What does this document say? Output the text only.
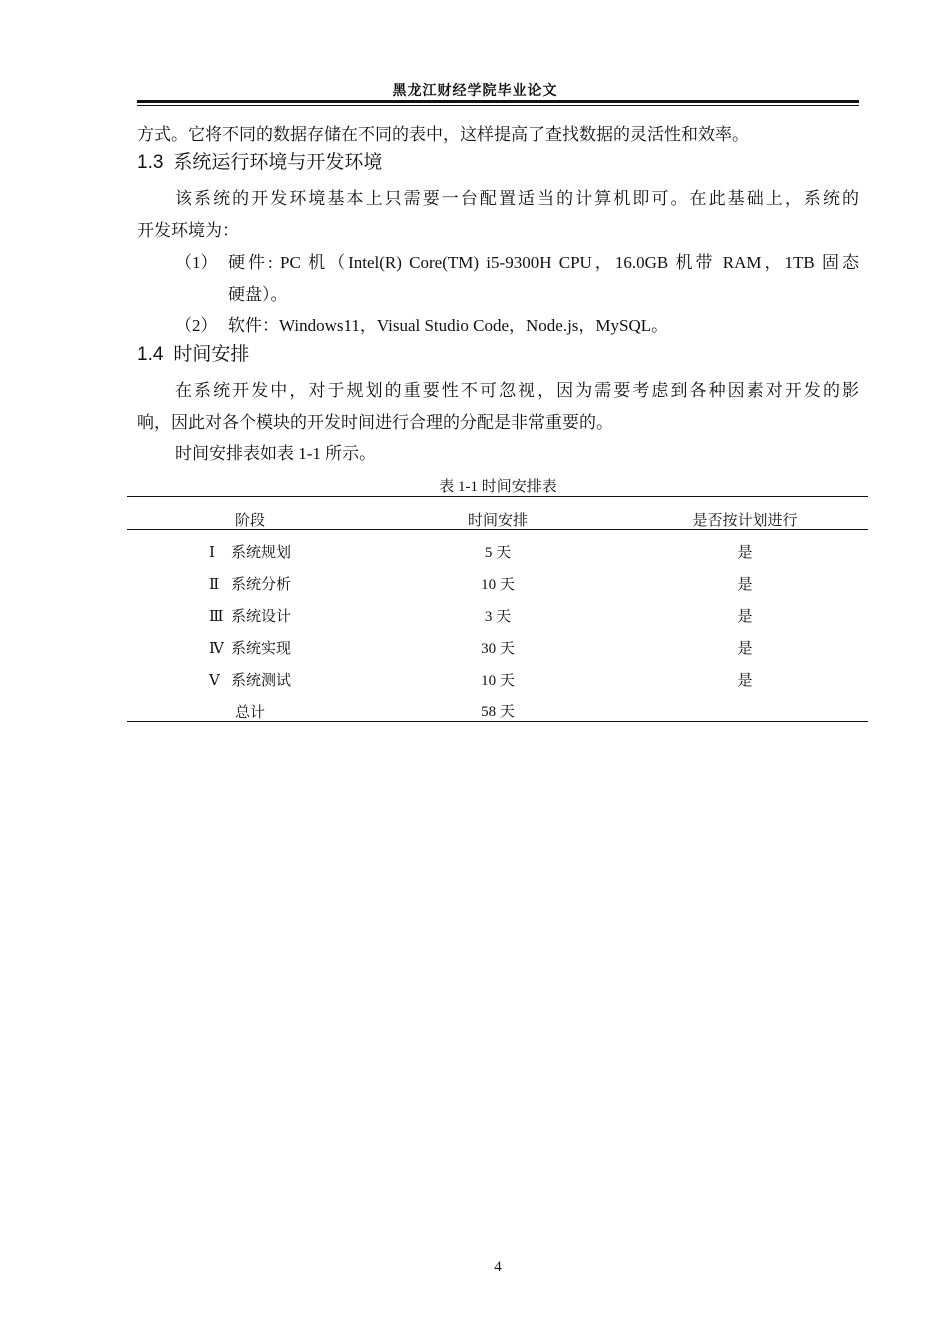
黑龙江财经学院毕业论文
方式。它将不同的数据存储在不同的表中，这样提高了查找数据的灵活性和效率。
1.3 系统运行环境与开发环境
该系统的开发环境基本上只需要一台配置适当的计算机即可。在此基础上，系统的
开发环境为：
（1） 硬件: PC 机（Intel(R) Core(TM) i5-9300H CPU，16.0GB 机带 RAM，1TB 固态
硬盘）。
（2） 软件：Windows11，Visual Studio Code，Node.js，MySQL。
1.4 时间安排
在系统开发中，对于规划的重要性不可忽视，因为需要考虑到各种因素对开发的影
响，因此对各个模块的开发时间进行合理的分配是非常重要的。
时间安排表如表 1-1 所示。
表 1-1 时间安排表
阶段	时间安排	是否按计划进行
Ⅰ 系统规划	5 天	是
Ⅱ 系统分析	10 天	是
Ⅲ 系统设计	3 天	是
Ⅳ 系统实现	30 天	是
Ⅴ 系统测试	10 天	是
总计	58 天
4
